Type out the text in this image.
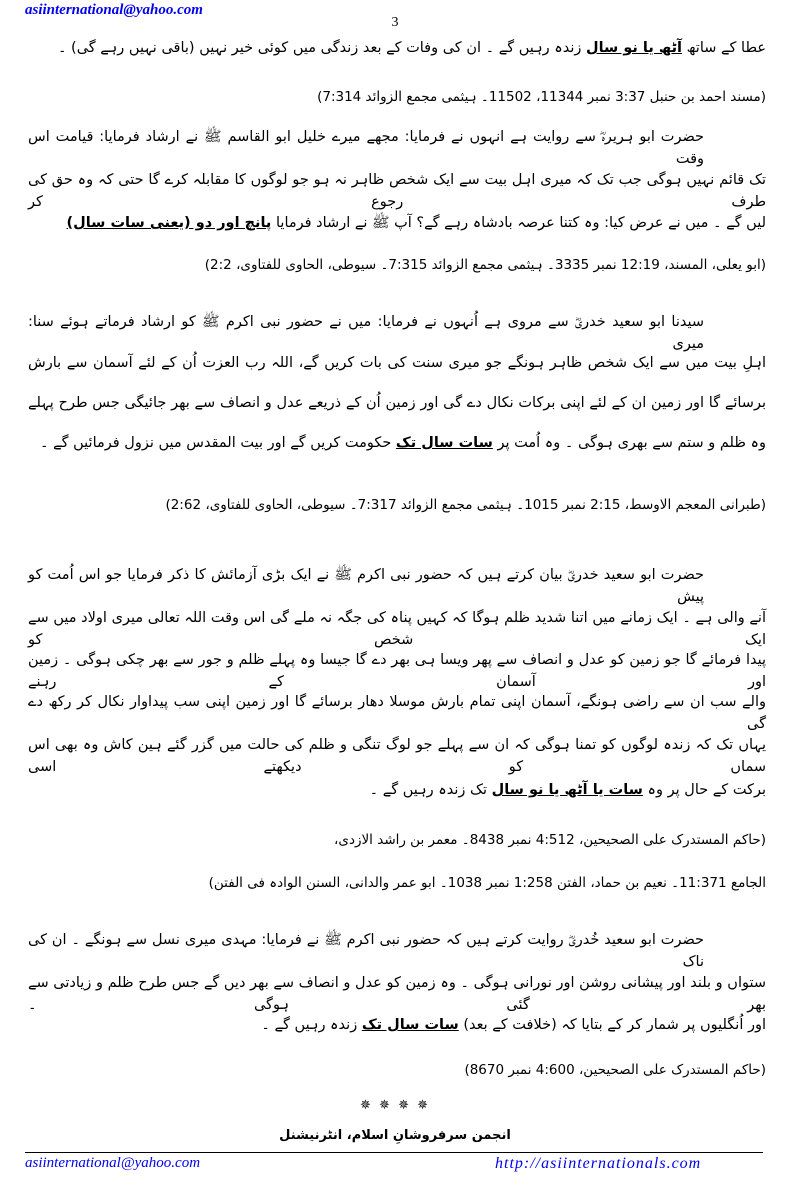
asiinternational@yahoo.com
3
عطا کے ساتھ آٹھ یا نو سال زندہ رہیں گے ۔ ان کی وفات کے بعد زندگی میں کوئی خیر نہیں (باقی نہیں رہے گی) ۔
(مسند احمد بن حنبل 3:37 نمبر 11344، 11502۔ ہیثمی مجمع الزوائد 7:314)
حضرت ابو ہریرہؓ سے روایت ہے انہوں نے فرمایا: مجھے میرے خلیل ابو القاسم ﷺ نے ارشاد فرمایا: قیامت اس وقت
تک قائم نہیں ہوگی جب تک کہ میری اہل بیت سے ایک شخص ظاہر نہ ہو جو لوگوں کا مقابلہ کرے گا حتی کہ وہ حق کی طرف رجوع کر
لیں گے ۔ میں نے عرض کیا: وہ کتنا عرصہ بادشاہ رہے گے؟ آپ ﷺ نے ارشاد فرمایا پانچ اور دو (یعنی سات سال)
(ابو یعلی، المسند، 12:19 نمبر 3335۔ ہیثمی مجمع الزوائد 7:315۔ سیوطی، الحاوی للفتاوی، 2:2)
سیدنا ابو سعید خدریؓ سے مروی ہے اُنہوں نے فرمایا: میں نے حضور نبی اکرم ﷺ کو ارشاد فرماتے ہوئے سنا: میری
اہلِ بیت میں سے ایک شخص ظاہر ہونگے جو میری سنت کی بات کریں گے، اللہ رب العزت اُن کے لئے آسمان سے بارش
برسائے گا اور زمین ان کے لئے اپنی برکات نکال دے گی اور زمین اُن کے ذریعے عدل و انصاف سے بھر جائیگی جس طرح پہلے
وہ ظلم و ستم سے بھری ہوگی ۔ وہ اُمت پر سات سال تک حکومت کریں گے اور بیت المقدس میں نزول فرمائیں گے ۔
(طبرانی المعجم الاوسط، 2:15 نمبر 1015۔ ہیثمی مجمع الزوائد 7:317۔ سیوطی، الحاوی للفتاوی، 2:62)
حضرت ابو سعید خدریؓ بیان کرتے ہیں کہ حضور نبی اکرم ﷺ نے ایک بڑی آزمائش کا ذکر فرمایا جو اس اُمت کو پیش
آنے والی ہے ۔ ایک زمانے میں اتنا شدید ظلم ہوگا کہ کہیں پناہ کی جگہ نہ ملے گی اس وقت اللہ تعالی میری اولاد میں سے ایک شخص کو
پیدا فرمائے گا جو زمین کو عدل و انصاف سے پھر ویسا ہی بھر دے گا جیسا وہ پہلے ظلم و جور سے بھر چکی ہوگی ۔ زمین اور آسمان کے رہنے
والے سب ان سے راضی ہونگے، آسمان اپنی تمام بارش موسلا دھار برسائے گا اور زمین اپنی سب پیداوار نکال کر رکھ دے گی
یہاں تک کہ زندہ لوگوں کو تمنا ہوگی کہ ان سے پہلے جو لوگ تنگی و ظلم کی حالت میں گزر گئے ہین کاش وہ بھی اس سماں کو دیکھتے اسی
برکت کے حال پر وہ سات یا آٹھ یا نو سال تک زندہ رہیں گے ۔
(حاکم المستدرک علی الصحیحین، 4:512 نمبر 8438۔ معمر بن راشد الازدی،
الجامع 11:371۔ نعیم بن حماد، الفتن 1:258 نمبر 1038۔ ابو عمر والدانی، السنن الوادہ فی الفتن)
حضرت ابو سعید خُدریؓ روایت کرتے ہیں کہ حضور نبی اکرم ﷺ نے فرمایا: مہدی میری نسل سے ہونگے ۔ ان کی ناک
ستواں و بلند اور پیشانی روشن اور نورانی ہوگی ۔ وہ زمین کو عدل و انصاف سے بھر دیں گے جس طرح ظلم و زیادتی سے بھر گئی ہوگی ۔
اور اُنگلیوں پر شمار کر کے بتایا کہ (خلافت کے بعد) سات سال تک زندہ رہیں گے ۔
(حاکم المستدرک علی الصحیحین، 4:600 نمبر 8670)
✵ ✵ ✵ ✵
انجمن سرفروشانِ اسلام، انٹرنیشنل
asiinternational@yahoo.com	http://asiinternationals.com
